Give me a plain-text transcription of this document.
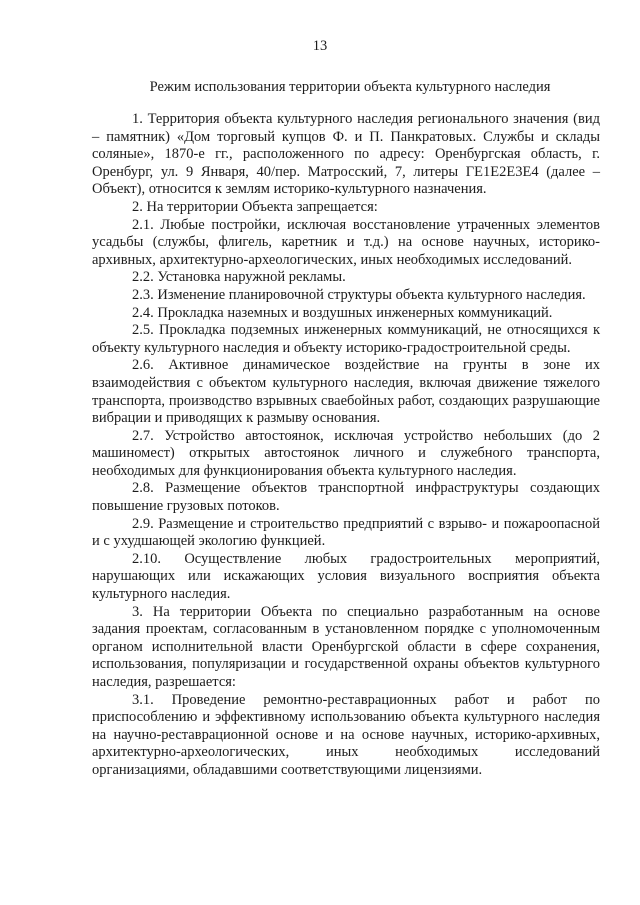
13
Режим использования территории объекта культурного наследия

1. Территория объекта культурного наследия регионального значения (вид – памятник) «Дом торговый купцов Ф. и П. Панкратовых. Службы и склады соляные», 1870-е гг., расположенного по адресу: Оренбургская область, г. Оренбург, ул. 9 Января, 40/пер. Матросский, 7, литеры ГЕ1Е2Е3Е4 (далее – Объект), относится к землям историко-культурного назначения.

2. На территории Объекта запрещается:

2.1. Любые постройки, исключая восстановление утраченных элементов усадьбы (службы, флигель, каретник и т.д.) на основе научных, историко-архивных, архитектурно-археологических, иных необходимых исследований.

2.2. Установка наружной рекламы.

2.3. Изменение планировочной структуры объекта культурного наследия.

2.4. Прокладка наземных и воздушных инженерных коммуникаций.

2.5. Прокладка подземных инженерных коммуникаций, не относящихся к объекту культурного наследия и объекту историко-градостроительной среды.

2.6. Активное динамическое воздействие на грунты в зоне их взаимодействия с объектом культурного наследия, включая движение тяжелого транспорта, производство взрывных сваебойных работ, создающих разрушающие вибрации и приводящих к размыву основания.

2.7. Устройство автостоянок, исключая устройство небольших (до 2 машиномест) открытых автостоянок личного и служебного транспорта, необходимых для функционирования объекта культурного наследия.

2.8. Размещение объектов транспортной инфраструктуры создающих повышение грузовых потоков.

2.9. Размещение и строительство предприятий с взрыво- и пожароопасной и с ухудшающей экологию функцией.

2.10. Осуществление любых градостроительных мероприятий, нарушающих или искажающих условия визуального восприятия объекта культурного наследия.

3. На территории Объекта по специально разработанным на основе задания проектам, согласованным в установленном порядке с уполномоченным органом исполнительной власти Оренбургской области в сфере сохранения, использования, популяризации и государственной охраны объектов культурного наследия, разрешается:

3.1. Проведение ремонтно-реставрационных работ и работ по приспособлению и эффективному использованию объекта культурного наследия на научно-реставрационной основе и на основе научных, историко-архивных, архитектурно-археологических, иных необходимых исследований организациями, обладавшими соответствующими лицензиями.
